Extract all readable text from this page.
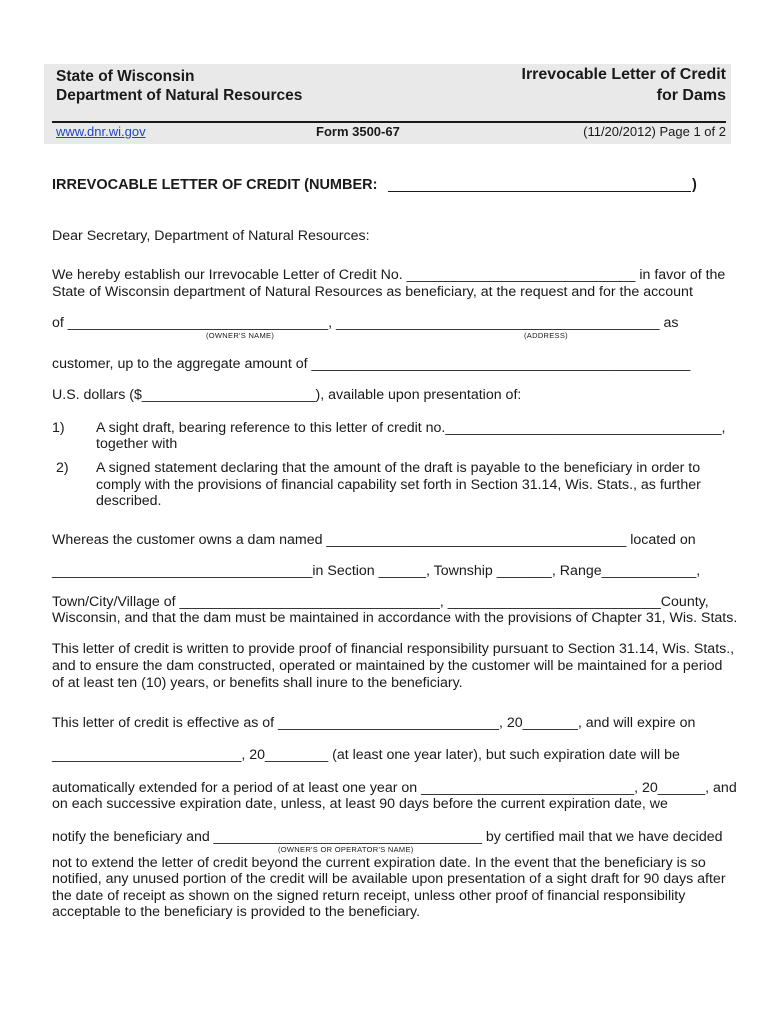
State of Wisconsin
Department of Natural Resources
Irrevocable Letter of Credit
for Dams
www.dnr.wi.gov	Form 3500-67	(11/20/2012) Page 1 of 2
IRREVOCABLE LETTER OF CREDIT (NUMBER:	)
Dear Secretary, Department of Natural Resources:
We hereby establish our Irrevocable Letter of Credit No. _____________________________ in favor of the
State of Wisconsin department of Natural Resources as beneficiary, at the request and for the account
of _________________________________, _________________________________________ as
(OWNER'S NAME)	(ADDRESS)
customer, up to the aggregate amount of ________________________________________________
U.S. dollars ($______________________), available upon presentation of:
1) A sight draft, bearing reference to this letter of credit no.___________________________________,
together with
2) A signed statement declaring that the amount of the draft is payable to the beneficiary in order to
comply with the provisions of financial capability set forth in Section 31.14, Wis. Stats., as further
described.
Whereas the customer owns a dam named ______________________________________ located on
_________________________________in Section ______, Township _______, Range____________,
Town/City/Village of _________________________________, ___________________________County,
Wisconsin, and that the dam must be maintained in accordance with the provisions of Chapter 31, Wis. Stats.
This letter of credit is written to provide proof of financial responsibility pursuant to Section 31.14, Wis. Stats.,
and to ensure the dam constructed, operated or maintained by the customer will be maintained for a period
of at least ten (10) years, or benefits shall inure to the beneficiary.
This letter of credit is effective as of ____________________________, 20_______, and will expire on
________________________, 20________ (at least one year later), but such expiration date will be
automatically extended for a period of at least one year on ___________________________, 20______, and
on each successive expiration date, unless, at least 90 days before the current expiration date, we
notify the beneficiary and __________________________________ by certified mail that we have decided
(OWNER'S OR OPERATOR'S NAME)
not to extend the letter of credit beyond the current expiration date. In the event that the beneficiary is so
notified, any unused portion of the credit will be available upon presentation of a sight draft for 90 days after
the date of receipt as shown on the signed return receipt, unless other proof of financial responsibility
acceptable to the beneficiary is provided to the beneficiary.
